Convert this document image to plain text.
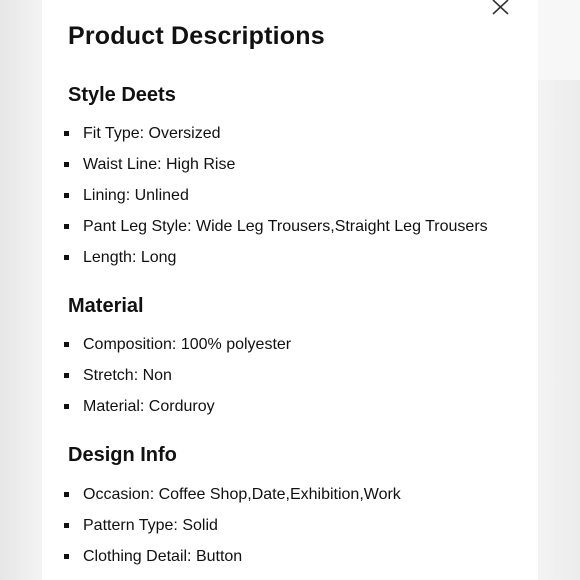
Product Descriptions
Style Deets
Fit Type: Oversized
Waist Line: High Rise
Lining: Unlined
Pant Leg Style: Wide Leg Trousers,Straight Leg Trousers
Length: Long
Material
Composition: 100% polyester
Stretch: Non
Material: Corduroy
Design Info
Occasion: Coffee Shop,Date,Exhibition,Work
Pattern Type: Solid
Clothing Detail: Button
